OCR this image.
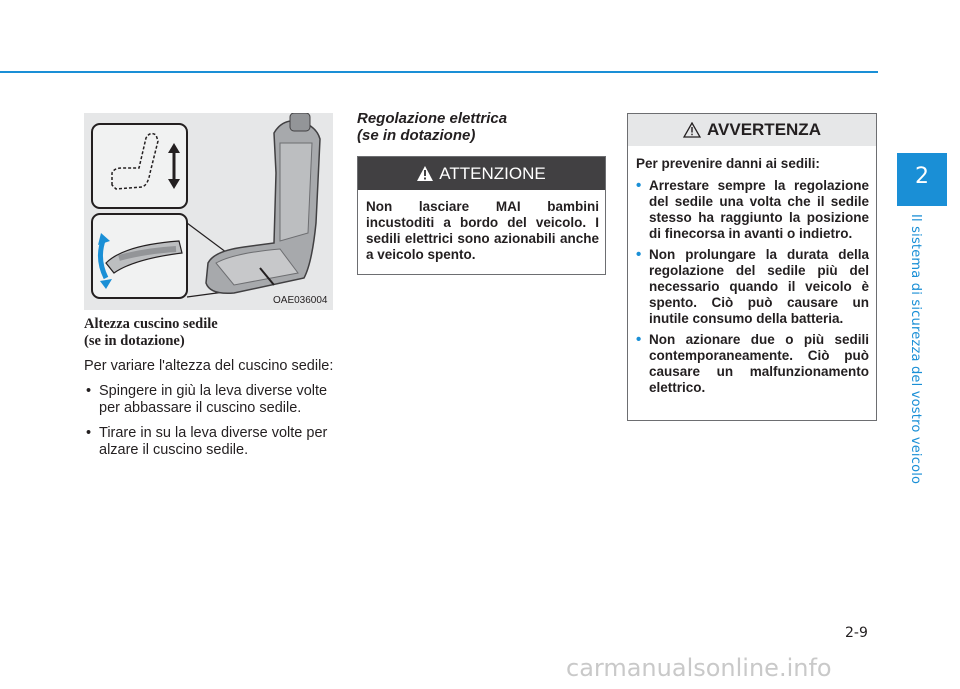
2
Il sistema di sicurezza del vostro veicolo
OAE036004

Altezza cuscino sedile
(se in dotazione)

Per variare l'altezza del cuscino sedile:

• Spingere in giù la leva diverse volte per abbassare il cuscino sedile.
• Tirare in su la leva diverse volte per alzare il cuscino sedile.

Regolazione elettrica
(se in dotazione)

ATTENZIONE
Non lasciare MAI bambini incustoditi a bordo del veicolo. I sedili elettrici sono azionabili anche a veicolo spento.
AVVERTENZA

Per prevenire danni ai sedili:

• Arrestare sempre la regolazione del sedile una volta che il sedile stesso ha raggiunto la posizione di finecorsa in avanti o indietro.
• Non prolungare la durata della regolazione del sedile più del necessario quando il veicolo è spento. Ciò può causare un inutile consumo della batteria.
• Non azionare due o più sedili contemporaneamente. Ciò può causare un malfunzionamento elettrico.
2-9
carmanualsonline.info
